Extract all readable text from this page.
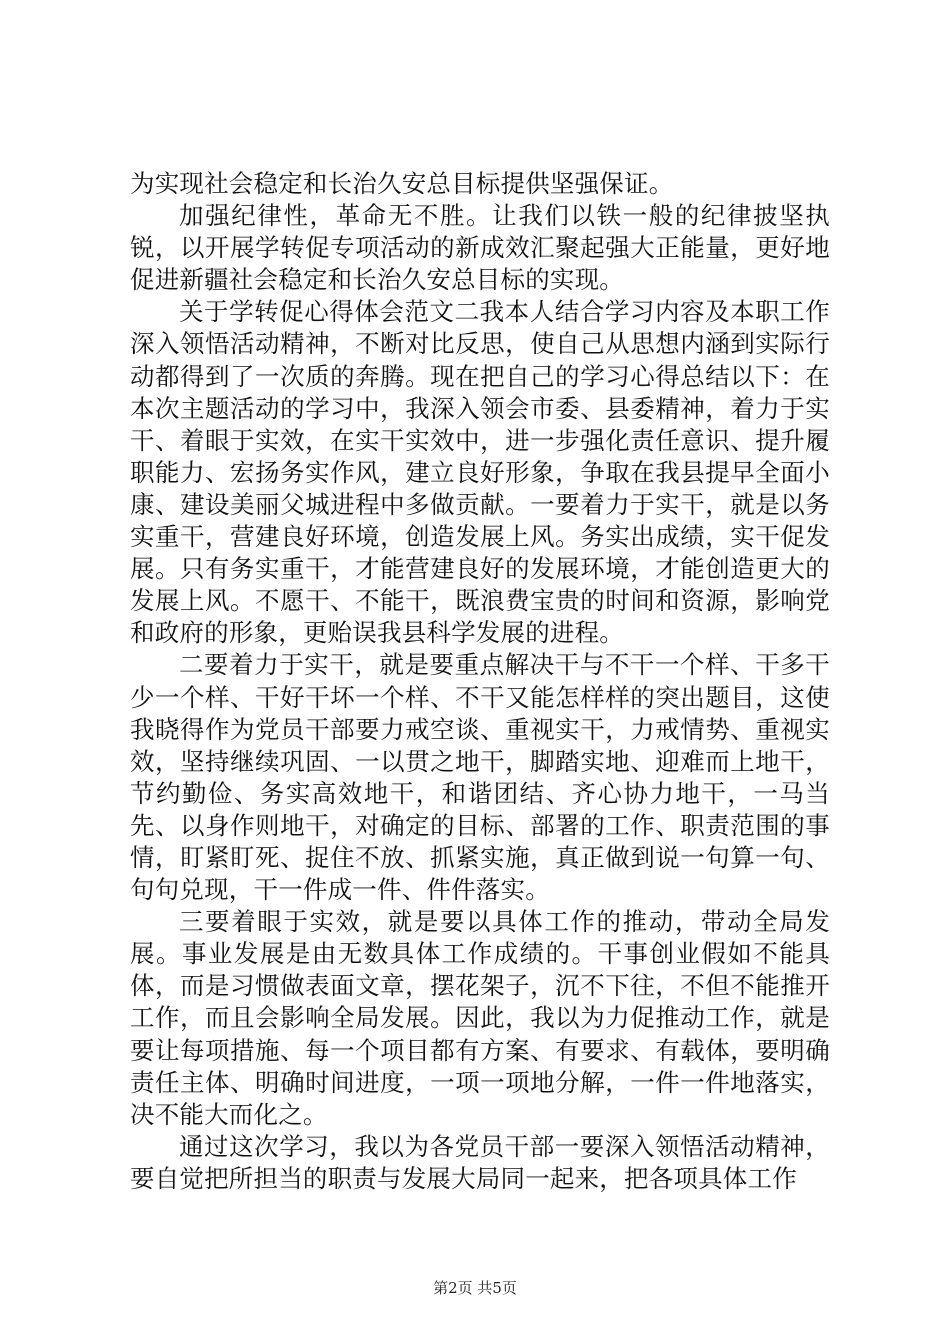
为实现社会稳定和长治久安总目标提供坚强保证。

加强纪律性，革命无不胜。让我们以铁一般的纪律披坚执锐，以开展学转促专项活动的新成效汇聚起强大正能量，更好地促进新疆社会稳定和长治久安总目标的实现。

关于学转促心得体会范文二我本人结合学习内容及本职工作深入领悟活动精神，不断对比反思，使自己从思想内涵到实际行动都得到了一次质的奔腾。现在把自己的学习心得总结以下：在本次主题活动的学习中，我深入领会市委、县委精神，着力于实干、着眼于实效，在实干实效中，进一步强化责任意识、提升履职能力、宏扬务实作风，建立良好形象，争取在我县提早全面小康、建设美丽父城进程中多做贡献。一要着力于实干，就是以务实重干，营建良好环境，创造发展上风。务实出成绩，实干促发展。只有务实重干，才能营建良好的发展环境，才能创造更大的发展上风。不愿干、不能干，既浪费宝贵的时间和资源，影响党和政府的形象，更贻误我县科学发展的进程。

二要着力于实干，就是要重点解决干与不干一个样、干多干少一个样、干好干坏一个样、不干又能怎样样的突出题目，这使我晓得作为党员干部要力戒空谈、重视实干，力戒情势、重视实效，坚持继续巩固、一以贯之地干，脚踏实地、迎难而上地干，节约勤俭、务实高效地干，和谐团结、齐心协力地干，一马当先、以身作则地干，对确定的目标、部署的工作、职责范围的事情，盯紧盯死、捉住不放、抓紧实施，真正做到说一句算一句、句句兑现，干一件成一件、件件落实。

三要着眼于实效，就是要以具体工作的推动，带动全局发展。事业发展是由无数具体工作成绩的。干事创业假如不能具体，而是习惯做表面文章，摆花架子，沉不下往，不但不能推开工作，而且会影响全局发展。因此，我以为力促推动工作，就是要让每项措施、每一个项目都有方案、有要求、有载体，要明确责任主体、明确时间进度，一项一项地分解，一件一件地落实，决不能大而化之。

通过这次学习，我以为各党员干部一要深入领悟活动精神，要自觉把所担当的职责与发展大局同一起来，把各项具体工作

第2页 共5页
